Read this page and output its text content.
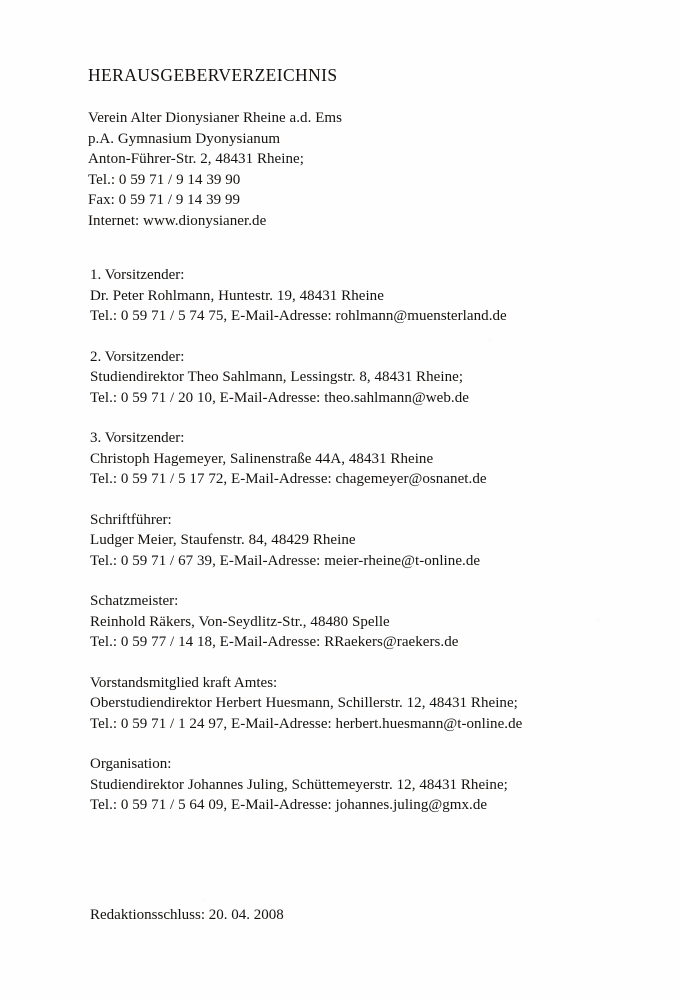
HERAUSGEBERVERZEICHNIS
Verein Alter Dionysianer Rheine a.d. Ems
p.A. Gymnasium Dyonysianum
Anton-Führer-Str. 2, 48431 Rheine;
Tel.: 0 59 71 / 9 14 39 90
Fax: 0 59 71 / 9 14 39 99
Internet: www.dionysianer.de
1. Vorsitzender:
Dr. Peter Rohlmann, Huntestr. 19, 48431 Rheine
Tel.: 0 59 71 / 5 74 75, E-Mail-Adresse: rohlmann@muensterland.de
2. Vorsitzender:
Studiendirektor Theo Sahlmann, Lessingstr. 8, 48431 Rheine;
Tel.: 0 59 71 / 20 10, E-Mail-Adresse: theo.sahlmann@web.de
3. Vorsitzender:
Christoph Hagemeyer, Salinenstraße 44A, 48431 Rheine
Tel.: 0 59 71 / 5 17 72, E-Mail-Adresse: chagemeyer@osnanet.de
Schriftführer:
Ludger Meier, Staufenstr. 84, 48429 Rheine
Tel.: 0 59 71 / 67 39, E-Mail-Adresse: meier-rheine@t-online.de
Schatzmeister:
Reinhold Räkers, Von-Seydlitz-Str., 48480 Spelle
Tel.: 0 59 77 / 14 18, E-Mail-Adresse: RRaekers@raekers.de
Vorstandsmitglied kraft Amtes:
Oberstudiendirektor Herbert Huesmann, Schillerstr. 12, 48431 Rheine;
Tel.: 0 59 71 / 1 24 97, E-Mail-Adresse: herbert.huesmann@t-online.de
Organisation:
Studiendirektor Johannes Juling, Schüttemeyerstr. 12, 48431 Rheine;
Tel.: 0 59 71 / 5 64 09, E-Mail-Adresse: johannes.juling@gmx.de
Redaktionsschluss: 20. 04. 2008
